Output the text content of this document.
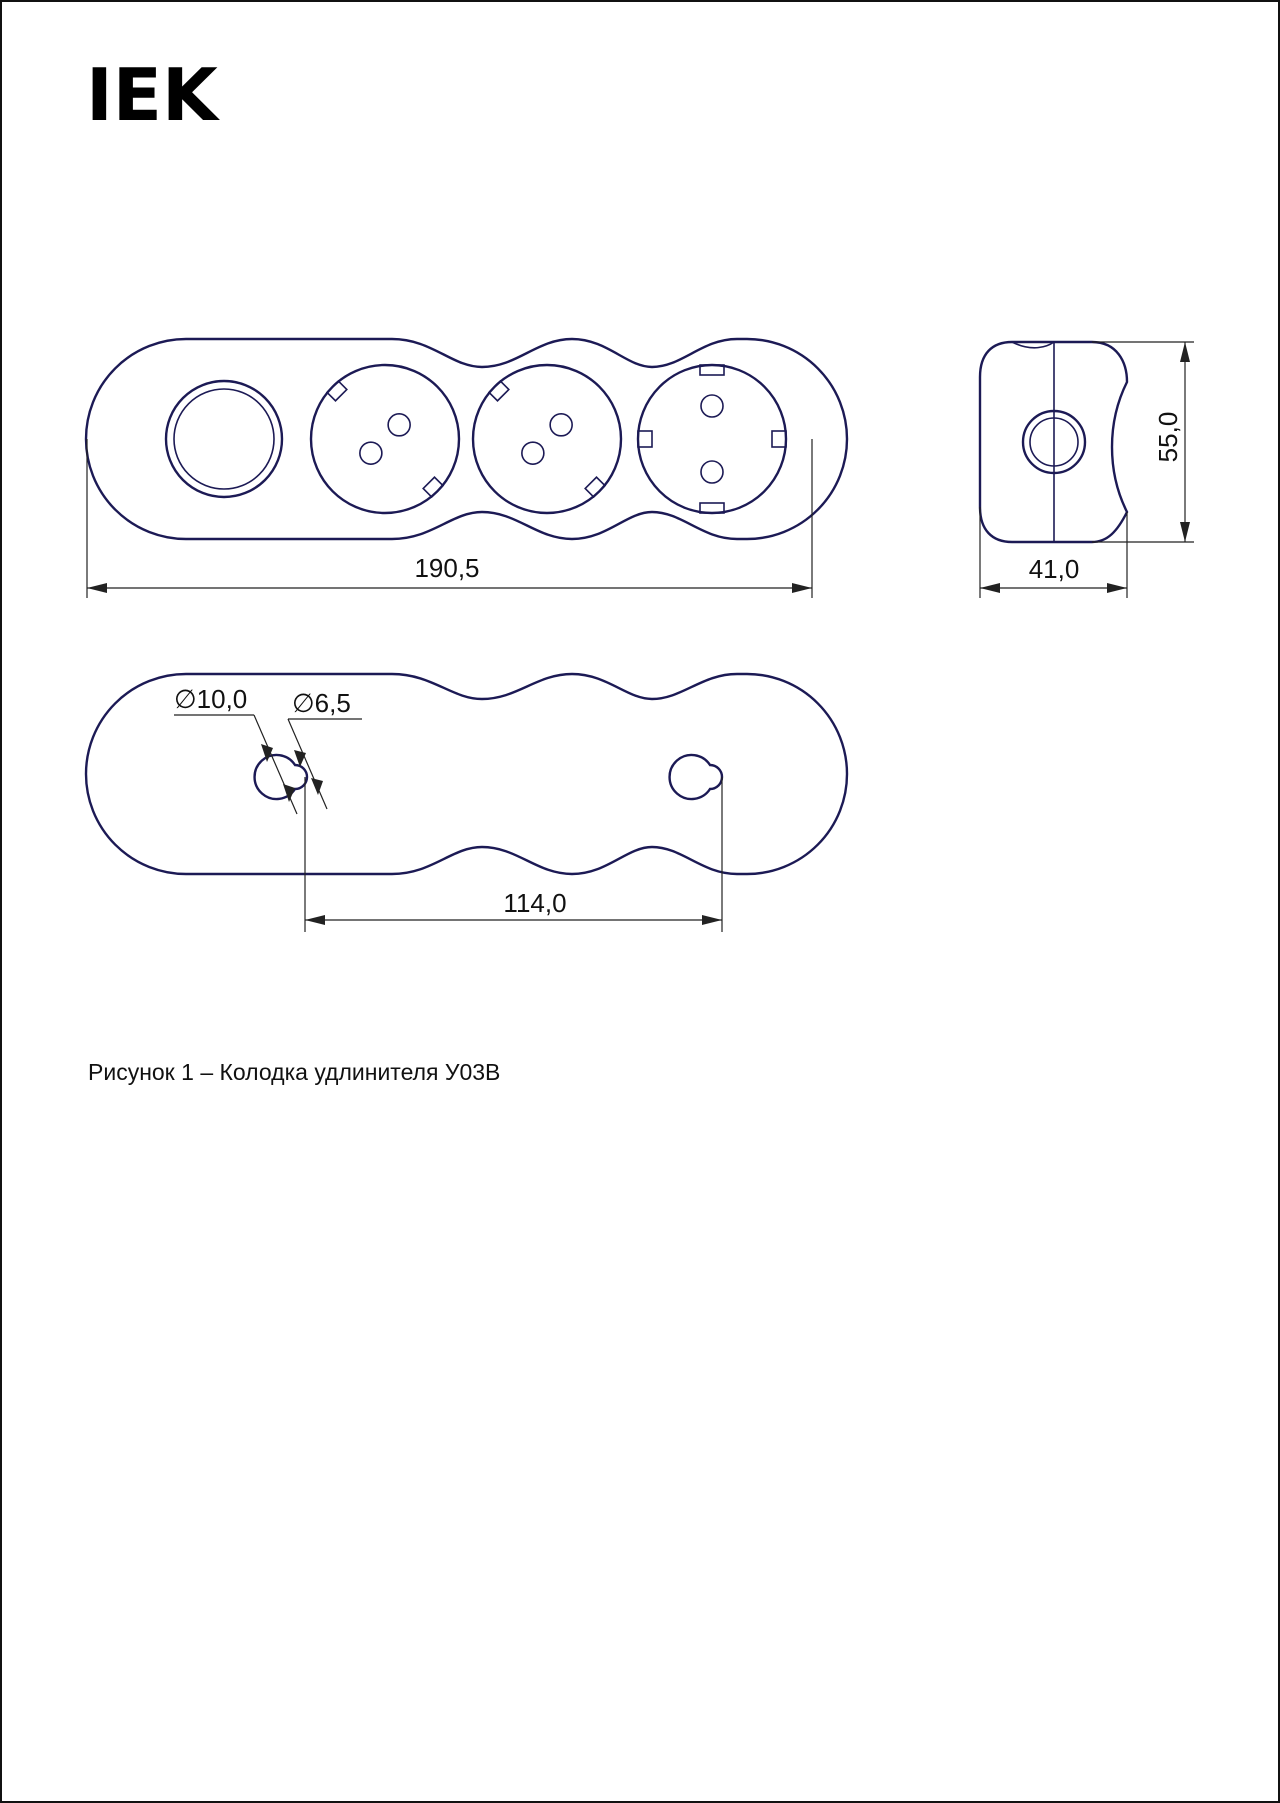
IEK
190,5
55,0
41,0
∅10,0 ∅6,5
114,0
Рисунок 1 – Колодка удлинителя У03В
